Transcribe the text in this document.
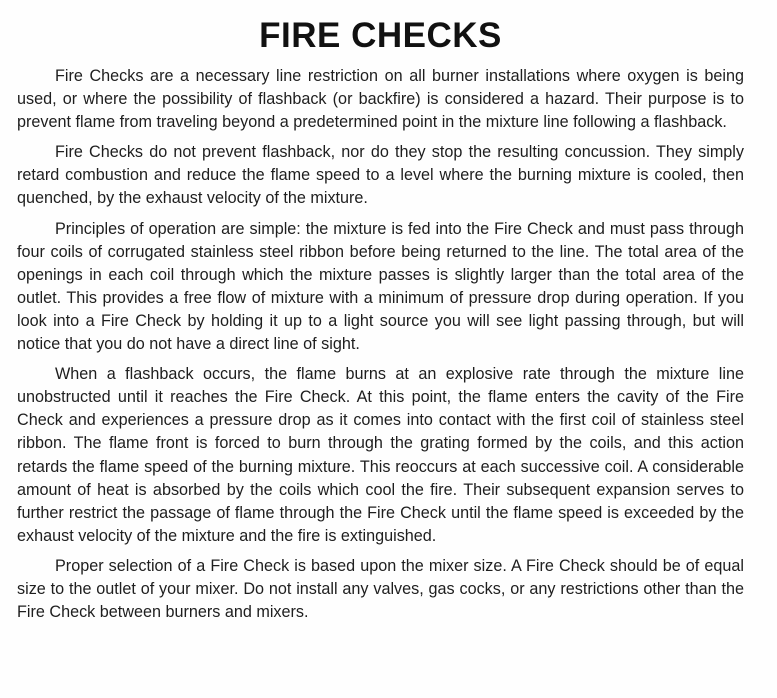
FIRE CHECKS

Fire Checks are a necessary line restriction on all burner installations where oxygen is being used, or where the possibility of flashback (or backfire) is considered a hazard. Their purpose is to prevent flame from traveling beyond a predetermined point in the mixture line following a flashback.

Fire Checks do not prevent flashback, nor do they stop the resulting concussion. They simply retard combustion and reduce the flame speed to a level where the burning mixture is cooled, then quenched, by the exhaust velocity of the mixture.

Principles of operation are simple: the mixture is fed into the Fire Check and must pass through four coils of corrugated stainless steel ribbon before being returned to the line. The total area of the openings in each coil through which the mixture passes is slightly larger than the total area of the outlet. This provides a free flow of mixture with a minimum of pressure drop during operation. If you look into a Fire Check by holding it up to a light source you will see light passing through, but will notice that you do not have a direct line of sight.

When a flashback occurs, the flame burns at an explosive rate through the mixture line unobstructed until it reaches the Fire Check. At this point, the flame enters the cavity of the Fire Check and experiences a pressure drop as it comes into contact with the first coil of stainless steel ribbon. The flame front is forced to burn through the grating formed by the coils, and this action retards the flame speed of the burning mixture. This reoccurs at each successive coil. A considerable amount of heat is absorbed by the coils which cool the fire. Their subsequent expansion serves to further restrict the passage of flame through the Fire Check until the flame speed is exceeded by the exhaust velocity of the mixture and the fire is extinguished.

Proper selection of a Fire Check is based upon the mixer size. A Fire Check should be of equal size to the outlet of your mixer. Do not install any valves, gas cocks, or any restrictions other than the Fire Check between burners and mixers.
